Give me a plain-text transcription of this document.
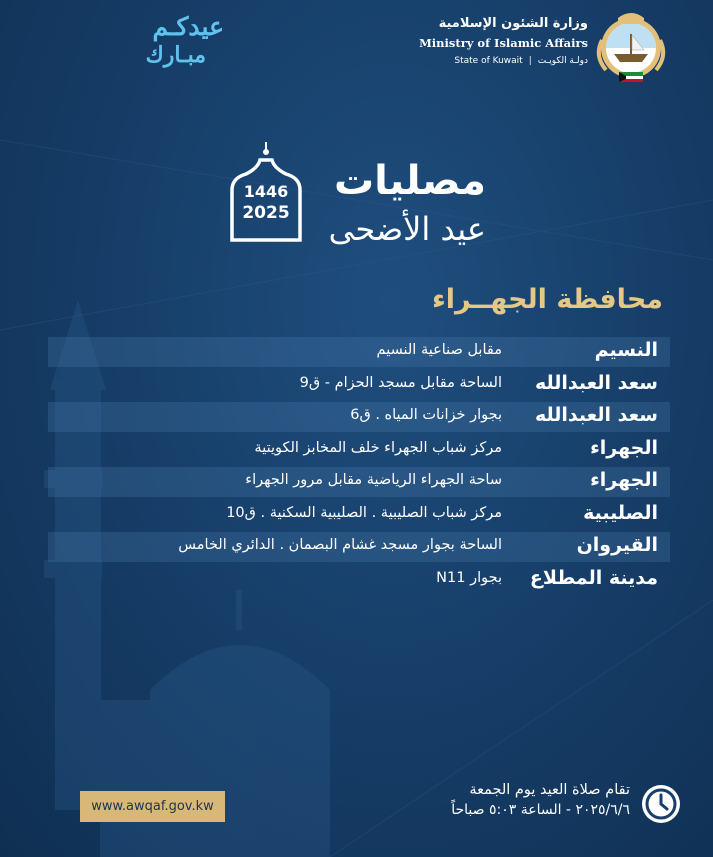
عيدكـم
مبـارك
وزارة الشئون الإسلامية
Ministry of Islamic Affairs
State of Kuwait | دولـة الكويـت
مصليات
عيد الأضحى
1446
2025
محافظة الجهــراء
النسيم
مقابل صناعية النسيم
سعد العبدالله
الساحة مقابل مسجد الحزام - ق9
سعد العبدالله
بجوار خزانات المياه . ق6
الجهراء
مركز شباب الجهراء خلف المخابز الكويتية
الجهراء
ساحة الجهراء الرياضية مقابل مرور الجهراء
الصليبية
مركز شباب الصليبية . الصليبية السكنية . ق10
القيروان
الساحة بجوار مسجد غشام البصمان . الدائري الخامس
مدينة المطلاع
بجوار N11
www.awqaf.gov.kw
تقام صلاة العيد يوم الجمعة
٢٠٢٥/٦/٦ - الساعة ٥:٠٣ صباحاً
